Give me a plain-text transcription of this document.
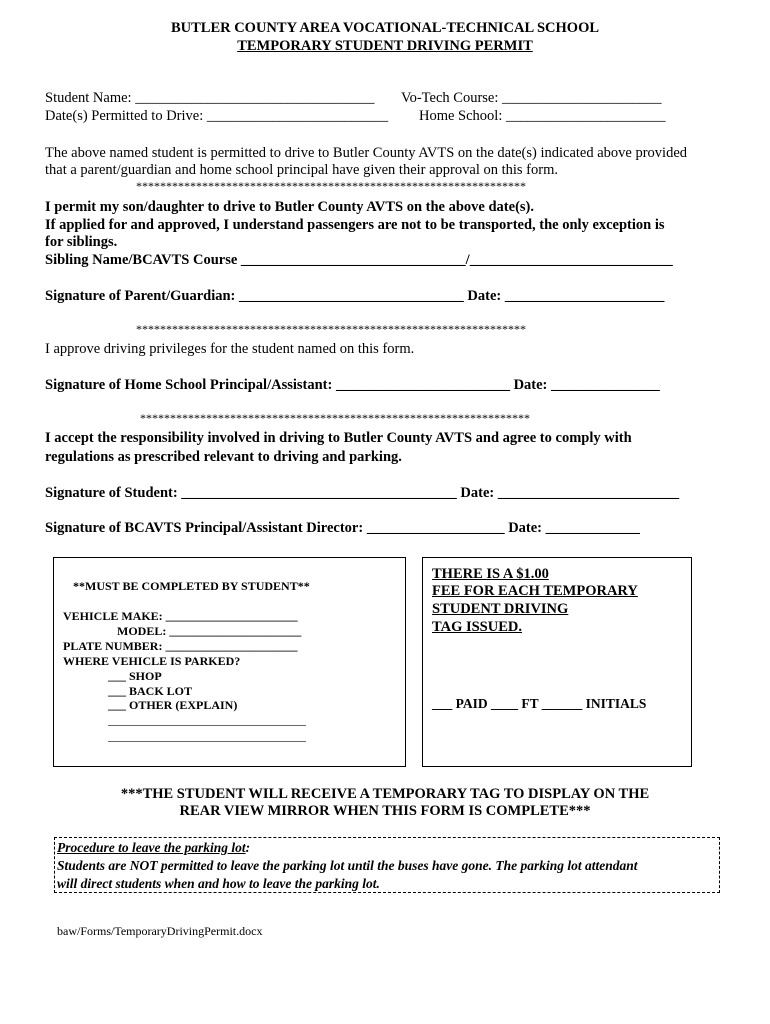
BUTLER COUNTY AREA VOCATIONAL-TECHNICAL SCHOOL
TEMPORARY STUDENT DRIVING PERMIT
Student Name: _________________________________ Vo-Tech Course: ______________________
Date(s) Permitted to Drive: _________________________ Home School: ______________________
The above named student is permitted to drive to Butler County AVTS on the date(s) indicated above provided
that a parent/guardian and home school principal have given their approval on this form.
*****************************************************************
I permit my son/daughter to drive to Butler County AVTS on the above date(s).
If applied for and approved, I understand passengers are not to be transported, the only exception is
for siblings.
Sibling Name/BCAVTS Course _______________________________/____________________________
Signature of Parent/Guardian: _______________________________ Date: ______________________
*****************************************************************
I approve driving privileges for the student named on this form.
Signature of Home School Principal/Assistant: ________________________ Date: _______________
*****************************************************************
I accept the responsibility involved in driving to Butler County AVTS and agree to comply with
regulations as prescribed relevant to driving and parking.
Signature of Student: ______________________________________ Date: _________________________
Signature of BCAVTS Principal/Assistant Director: ___________________ Date: _____________
**MUST BE COMPLETED BY STUDENT**
VEHICLE MAKE: ______________________
MODEL: ______________________
PLATE NUMBER: ______________________
WHERE VEHICLE IS PARKED?
___ SHOP
___ BACK LOT
___ OTHER (EXPLAIN)
_________________________________
_________________________________
THERE IS A $1.00
FEE FOR EACH TEMPORARY
STUDENT DRIVING
TAG ISSUED.
___ PAID ____ FT ______ INITIALS
***THE STUDENT WILL RECEIVE A TEMPORARY TAG TO DISPLAY ON THE
REAR VIEW MIRROR WHEN THIS FORM IS COMPLETE***
Procedure to leave the parking lot:
Students are NOT permitted to leave the parking lot until the buses have gone. The parking lot attendant
will direct students when and how to leave the parking lot.
baw/Forms/TemporaryDrivingPermit.docx
